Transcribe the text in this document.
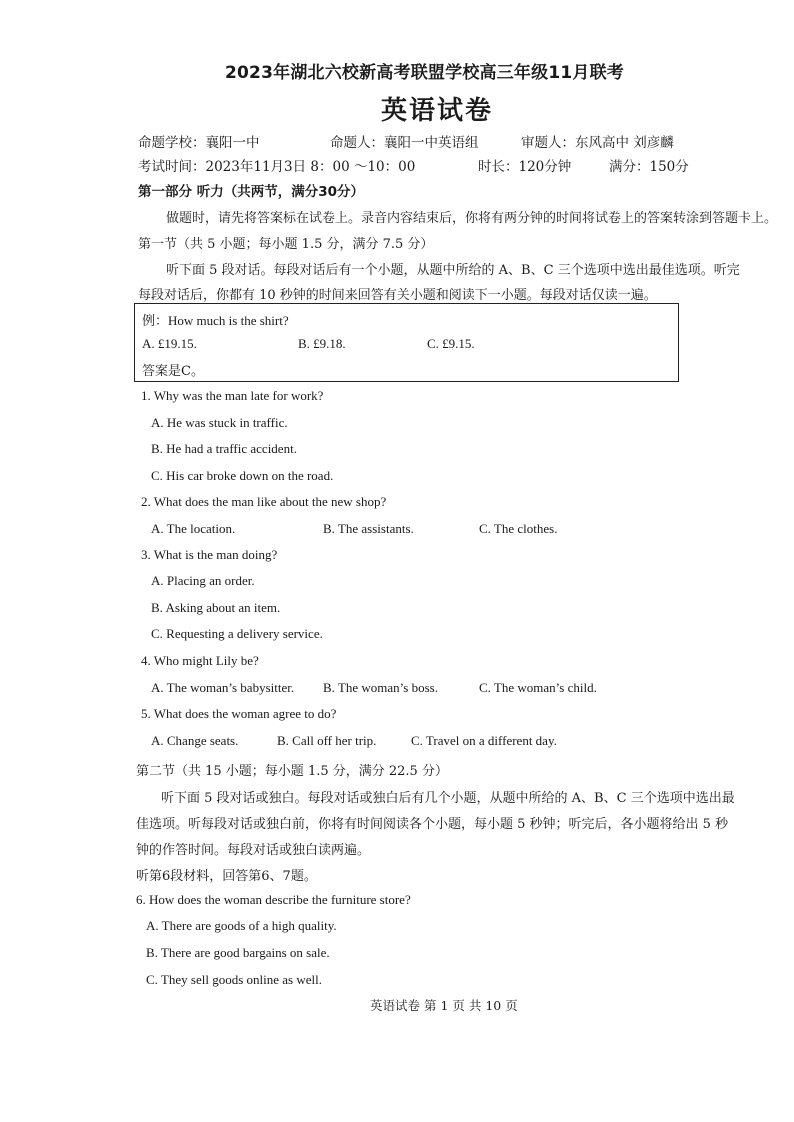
2023年湖北六校新高考联盟学校高三年级11月联考
英语试卷
命题学校：襄阳一中	命题人：襄阳一中英语组	审题人：东风高中 刘彦麟
考试时间：2023年11月3日 8：00 ～10：00	时长：120分钟	满分：150分
第一部分 听力（共两节，满分30分）
做题时，请先将答案标在试卷上。录音内容结束后，你将有两分钟的时间将试卷上的答案转涂到答题卡上。
第一节（共 5 小题；每小题 1.5 分，满分 7.5 分）
听下面 5 段对话。每段对话后有一个小题，从题中所给的 A、B、C 三个选项中选出最佳选项。听完
每段对话后，你都有 10 秒钟的时间来回答有关小题和阅读下一小题。每段对话仅读一遍。
例：How much is the shirt?
A. £19.15.	B. £9.18.	C. £9.15.
答案是C。
1. Why was the man late for work?
A. He was stuck in traffic.
B. He had a traffic accident.
C. His car broke down on the road.
2. What does the man like about the new shop?
A. The location.	B. The assistants.	C. The clothes.
3. What is the man doing?
A. Placing an order.
B. Asking about an item.
C. Requesting a delivery service.
4. Who might Lily be?
A. The woman’s babysitter. B. The woman’s boss.	C. The woman’s child.
5. What does the woman agree to do?
A. Change seats.	B. Call off her trip.	C. Travel on a different day.
第二节（共 15 小题；每小题 1.5 分，满分 22.5 分）
听下面 5 段对话或独白。每段对话或独白后有几个小题，从题中所给的 A、B、C 三个选项中选出最
佳选项。听每段对话或独白前，你将有时间阅读各个小题，每小题 5 秒钟；听完后，各小题将给出 5 秒
钟的作答时间。每段对话或独白读两遍。
听第6段材料，回答第6、7题。
6. How does the woman describe the furniture store?
A. There are goods of a high quality.
B. There are good bargains on sale.
C. They sell goods online as well.
英语试卷 第 1 页 共 10 页
